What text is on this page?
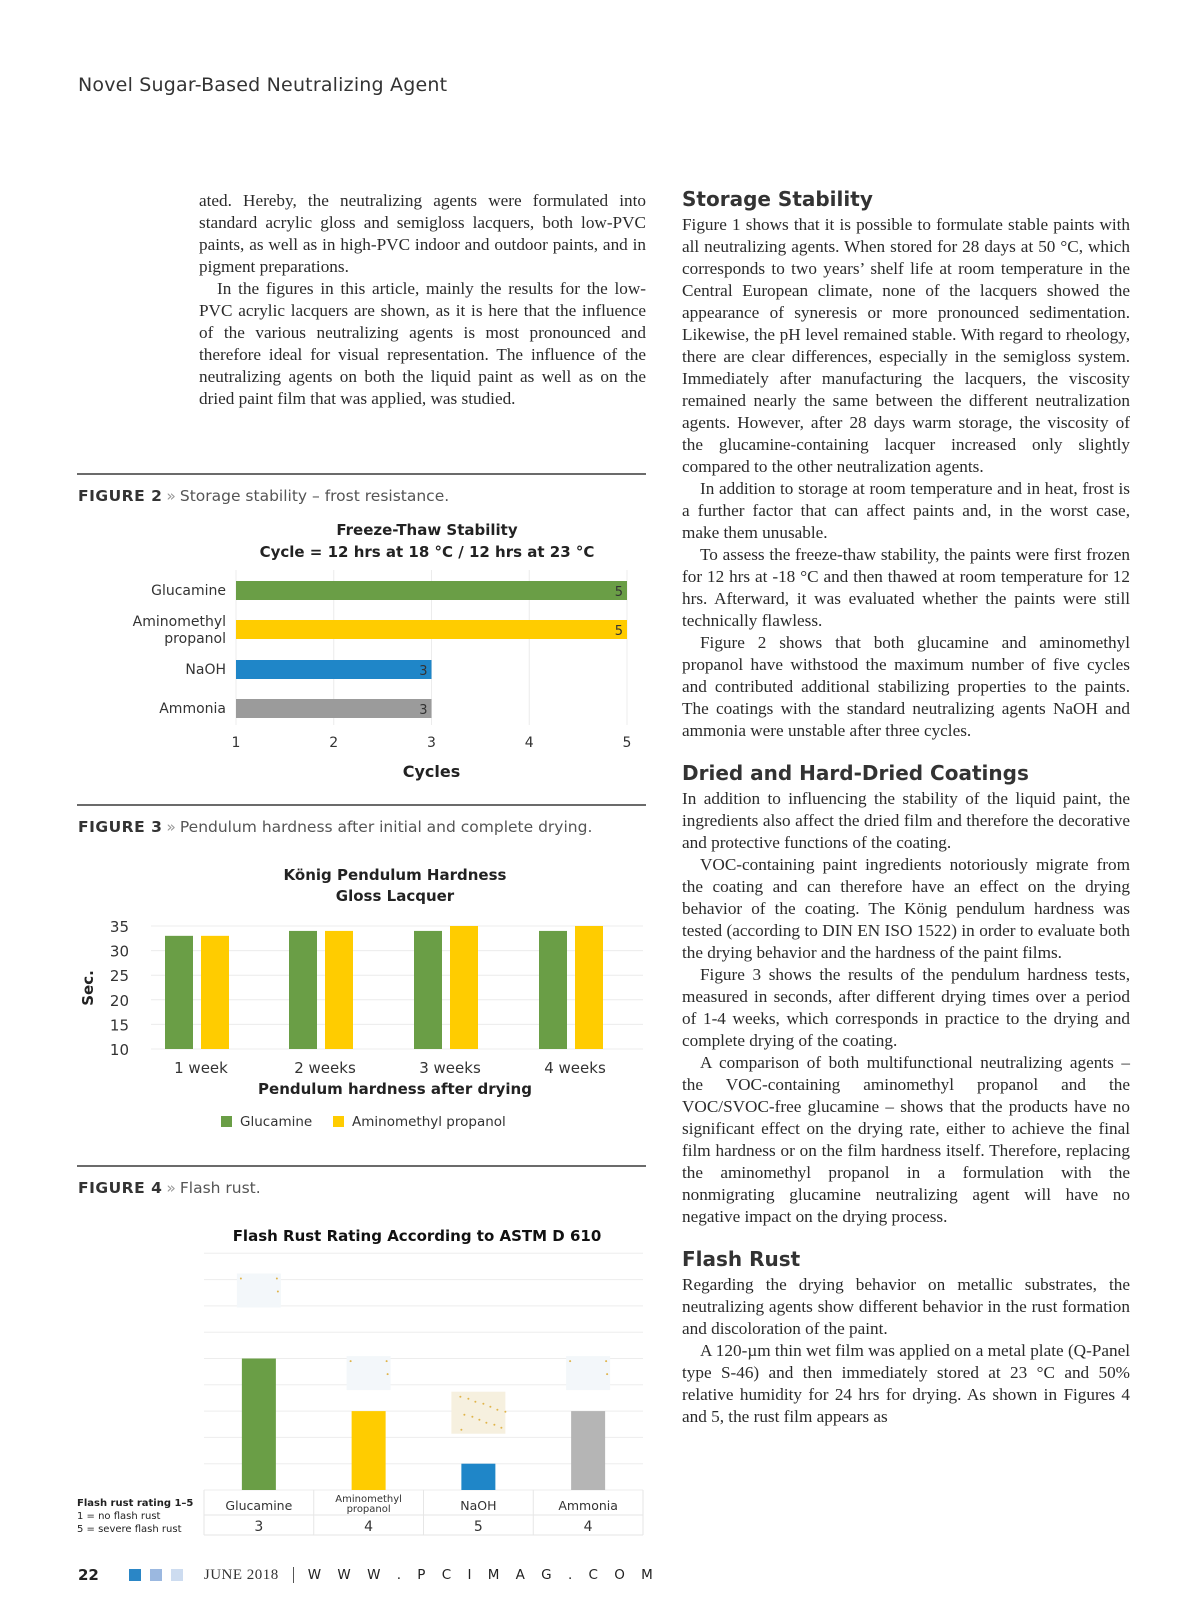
Novel Sugar-Based Neutralizing Agent

ated. Hereby, the neutralizing agents were formulated into standard acrylic gloss and semigloss lacquers, both low-PVC paints, as well as in high-PVC indoor and outdoor paints, and in pigment preparations.

In the figures in this article, mainly the results for the low-PVC acrylic lacquers are shown, as it is here that the influence of the various neutralizing agents is most pronounced and therefore ideal for visual representation. The influence of the neutralizing agents on both the liquid paint as well as on the dried paint film that was applied, was studied.

Storage Stability

Figure 1 shows that it is possible to formulate stable paints with all neutralizing agents. When stored for 28 days at 50 °C, which corresponds to two years’ shelf life at room temperature in the Central European climate, none of the lacquers showed the appearance of syneresis or more pronounced sedimentation. Likewise, the pH level remained stable. With regard to rheology, there are clear differences, especially in the semigloss system. Immediately after manufacturing the lacquers, the viscosity remained nearly the same between the different neutralization agents. However, after 28 days warm storage, the viscosity of the glucamine-containing lacquer increased only slightly compared to the other neutralization agents.

In addition to storage at room temperature and in heat, frost is a further factor that can affect paints and, in the worst case, make them unusable.

To assess the freeze-thaw stability, the paints were first frozen for 12 hrs at -18 °C and then thawed at room temperature for 12 hrs. Afterward, it was evaluated whether the paints were still technically flawless.

Figure 2 shows that both glucamine and aminomethyl propanol have withstood the maximum number of five cycles and contributed additional stabilizing properties to the paints. The coatings with the standard neutralizing agents NaOH and ammonia were unstable after three cycles.

Dried and Hard-Dried Coatings

In addition to influencing the stability of the liquid paint, the ingredients also affect the dried film and therefore the decorative and protective functions of the coating.

VOC-containing paint ingredients notoriously migrate from the coating and can therefore have an effect on the drying behavior of the coating. The König pendulum hardness was tested (according to DIN EN ISO 1522) in order to evaluate both the drying behavior and the hardness of the paint films.

Figure 3 shows the results of the pendulum hardness tests, measured in seconds, after different drying times over a period of 1-4 weeks, which corresponds in practice to the drying and complete drying of the coating.

A comparison of both multifunctional neutralizing agents – the VOC-containing aminomethyl propanol and the VOC/SVOC-free glucamine – shows that the products have no significant effect on the drying rate, either to achieve the final film hardness or on the film hardness itself. Therefore, replacing the aminomethyl propanol in a formulation with the nonmigrating glucamine neutralizing agent will have no negative impact on the drying process.

Flash Rust

Regarding the drying behavior on metallic substrates, the neutralizing agents show different behavior in the rust formation and discoloration of the paint.

A 120-µm thin wet film was applied on a metal plate (Q-Panel type S-46) and then immediately stored at 23 °C and 50% relative humidity for 24 hrs for drying. As shown in Figures 4 and 5, the rust film appears as

FIGURE 2 » Storage stability – frost resistance.
Freeze-Thaw Stability
Cycle = 12 hrs at 18 °C / 12 hrs at 23 °C
1	2	3	4	5
5
Glucamine
5
Aminomethyl
propanol
3
NaOH
3
Ammonia
Cycles
FIGURE 3 » Pendulum hardness after initial and complete drying.
König Pendulum Hardness
Gloss Lacquer
35
30
25
20
15
10
Sec.
1 week	2 weeks	3 weeks	4 weeks
Pendulum hardness after drying
Glucamine	Aminomethyl propanol
FIGURE 4 » Flash rust.
Flash Rust Rating According to ASTM D 610
Glucamine
3
Aminomethyl
propanol
4
NaOH
5
Ammonia
4
Flash rust rating 1–5
1 = no flash rust
5 = severe flash rust
22	JUNE 2018 W W W . P C I M A G . C O M
